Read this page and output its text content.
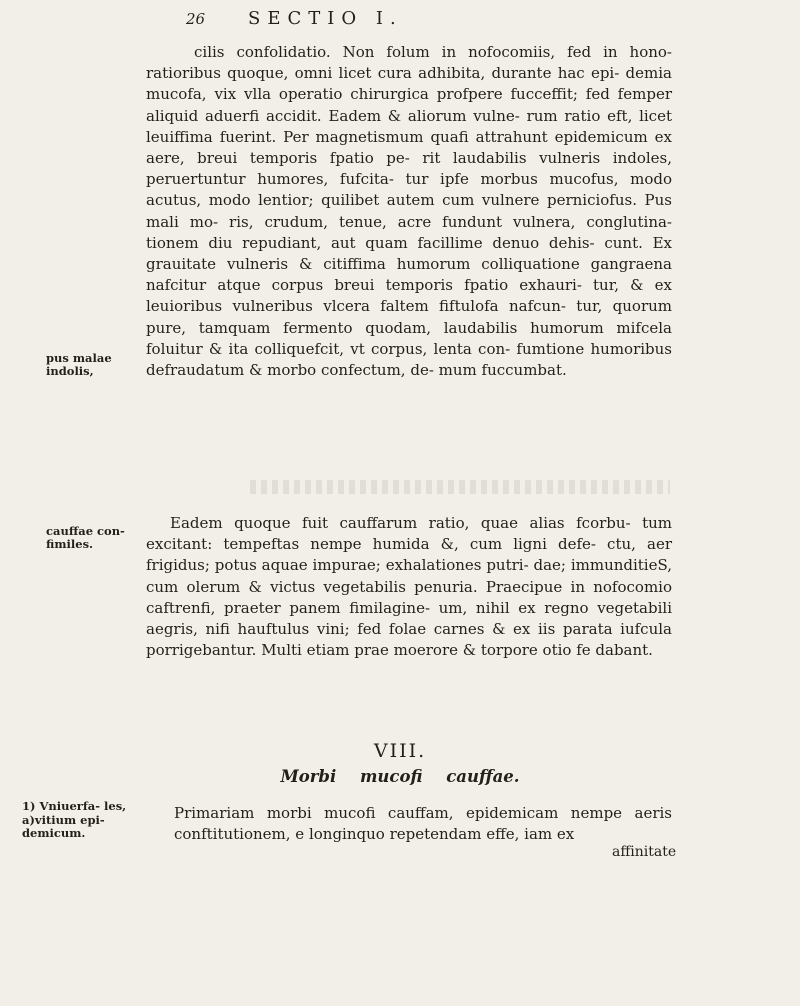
26 SECTIO I.
pus malae indolis,

cilis confolidatio. Non folum in nofocomiis, fed in hono- ratioribus quoque, omni licet cura adhibita, durante hac epi- demia mucofa, vix vlla operatio chirurgica profpere fucceffit; fed femper aliquid aduerfi accidit. Eadem & aliorum vulne- rum ratio eft, licet leuiffima fuerint. Per magnetismum quafi attrahunt epidemicum ex aere, breui temporis fpatio pe- rit laudabilis vulneris indoles, peruertuntur humores, fufcita- tur ipfe morbus mucofus, modo acutus, modo lentior; quilibet autem cum vulnere perniciofus. Pus mali mo- ris, crudum, tenue, acre fundunt vulnera, conglutina- tionem diu repudiant, aut quam facillime denuo dehis- cunt. Ex grauitate vulneris & citiffima humorum colliquatione gangraena nafcitur atque corpus breui temporis fpatio exhauri- tur, & ex leuioribus vulneribus vlcera faltem fiftulofa nafcun- tur, quorum pure, tamquam fermento quodam, laudabilis humorum mifcela foluitur & ita colliquefcit, vt corpus, lenta con- fumtione humoribus defraudatum & morbo confectum, de- mum fuccumbat.

cauffae con- fimiles.

Eadem quoque fuit cauffarum ratio, quae alias fcorbu- tum excitant: tempeftas nempe humida &, cum ligni defe- ctu, aer frigidus; potus aquae impurae; exhalationes putri- dae; immunditieS, cum olerum & victus vegetabilis penuria. Praecipue in nofocomio caftrenfi, praeter panem fimilagine- um, nihil ex regno vegetabili aegris, nifi hauftulus vini; fed folae carnes & ex iis parata iufcula porrigebantur. Multi etiam prae moerore & torpore otio fe dabant.

VIII.
Morbi mucofi cauffae.
1) Vniuerfa- les,
a)vitium epi- demicum.

Primariam morbi mucofi cauffam, epidemicam nempe aeris conftitutionem, e longinquo repetendam effe, iam ex

affinitate
